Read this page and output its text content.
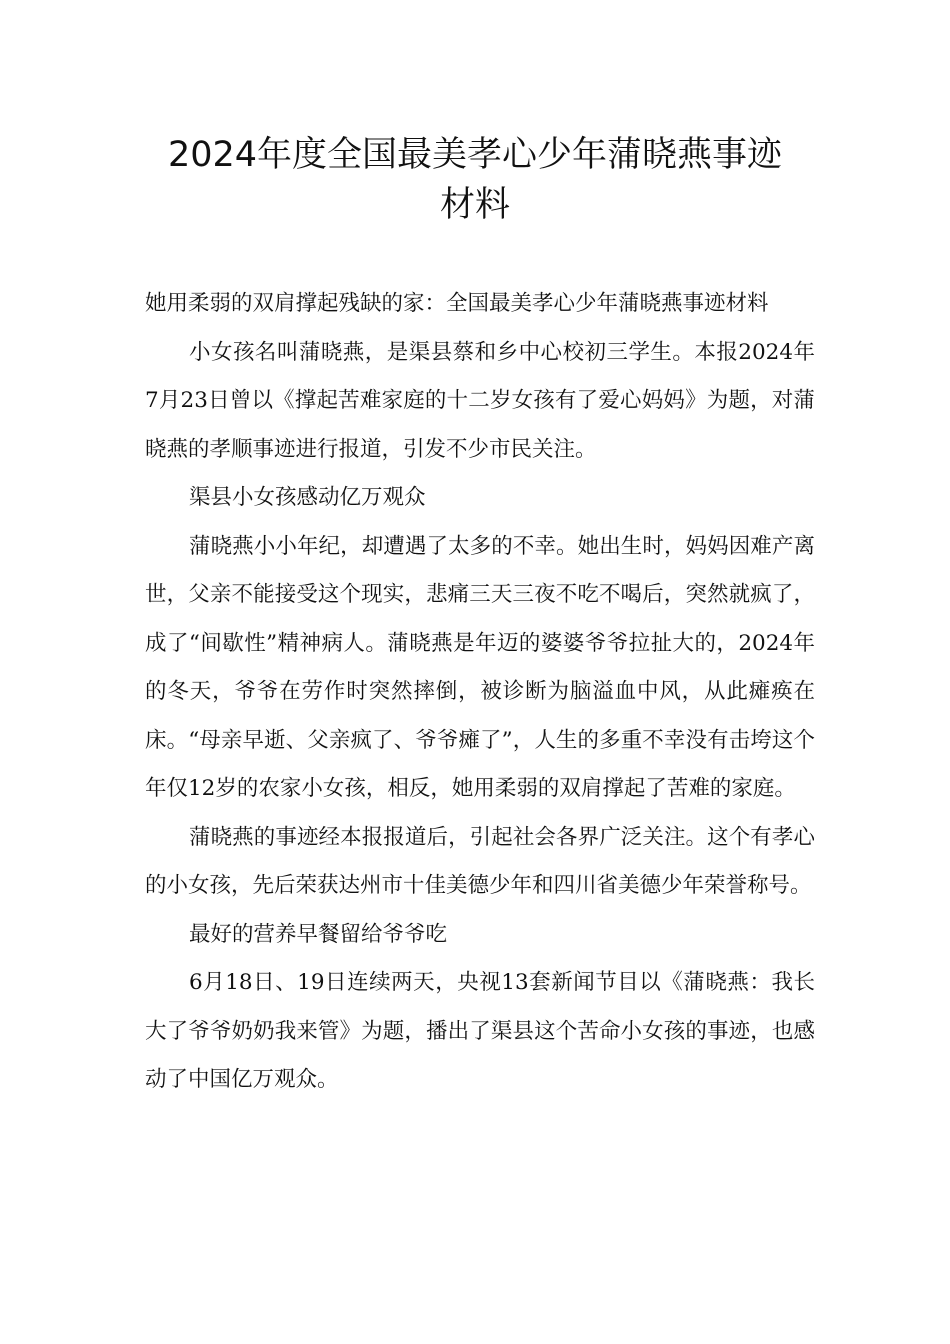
2024年度全国最美孝心少年蒲晓燕事迹
材料

她用柔弱的双肩撑起残缺的家：全国最美孝心少年蒲晓燕事迹材料

小女孩名叫蒲晓燕，是渠县蔡和乡中心校初三学生。本报2024年7月23日曾以《撑起苦难家庭的十二岁女孩有了爱心妈妈》为题，对蒲晓燕的孝顺事迹进行报道，引发不少市民关注。

渠县小女孩感动亿万观众

蒲晓燕小小年纪，却遭遇了太多的不幸。她出生时，妈妈因难产离世，父亲不能接受这个现实，悲痛三天三夜不吃不喝后，突然就疯了，成了“间歇性”精神病人。蒲晓燕是年迈的婆婆爷爷拉扯大的，2024年的冬天，爷爷在劳作时突然摔倒，被诊断为脑溢血中风，从此瘫痪在床。“母亲早逝、父亲疯了、爷爷瘫了”，人生的多重不幸没有击垮这个年仅12岁的农家小女孩，相反，她用柔弱的双肩撑起了苦难的家庭。

蒲晓燕的事迹经本报报道后，引起社会各界广泛关注。这个有孝心的小女孩，先后荣获达州市十佳美德少年和四川省美德少年荣誉称号。

最好的营养早餐留给爷爷吃

6月18日、19日连续两天，央视13套新闻节目以《蒲晓燕：我长大了爷爷奶奶我来管》为题，播出了渠县这个苦命小女孩的事迹，也感动了中国亿万观众。
